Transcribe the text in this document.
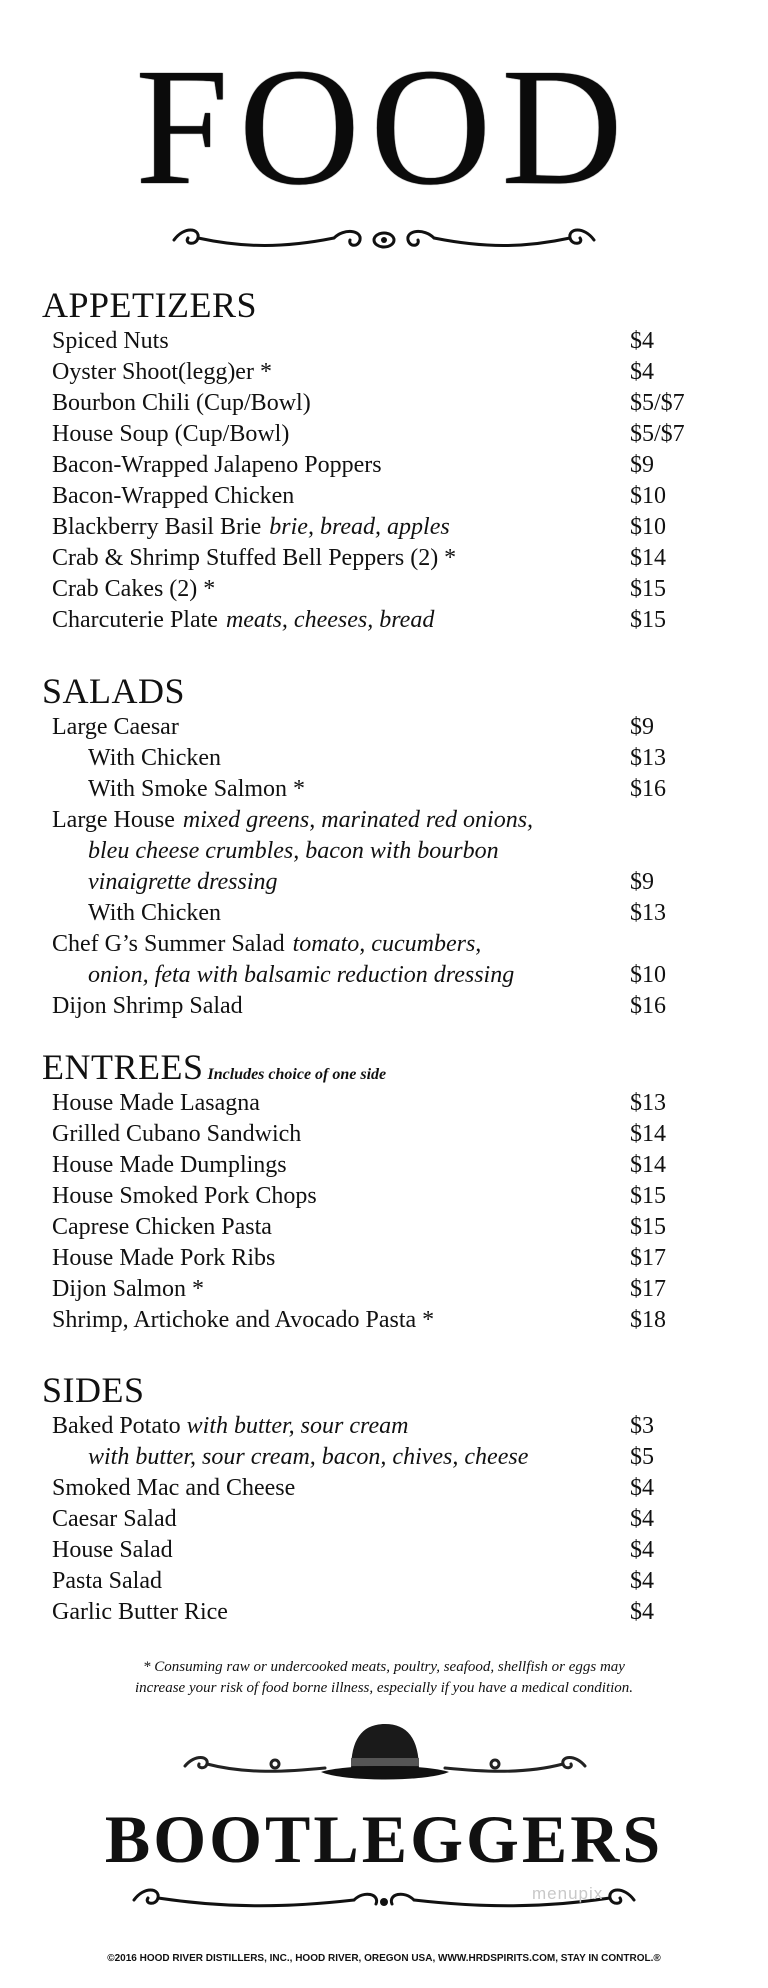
FOOD
APPETIZERS
Spiced Nuts	$4
Oyster Shoot(legg)er *	$4
Bourbon Chili (Cup/Bowl)	$5/$7
House Soup (Cup/Bowl)	$5/$7
Bacon-Wrapped Jalapeno Poppers	$9
Bacon-Wrapped Chicken	$10
Blackberry Basil Brie brie, bread, apples	$10
Crab & Shrimp Stuffed Bell Peppers (2) *	$14
Crab Cakes (2) *	$15
Charcuterie Plate meats, cheeses, bread	$15
SALADS
Large Caesar	$9
With Chicken	$13
With Smoke Salmon *	$16
Large House mixed greens, marinated red onions,
bleu cheese crumbles, bacon with bourbon
vinaigrette dressing	$9
With Chicken	$13
Chef G’s Summer Salad tomato, cucumbers,
onion, feta with balsamic reduction dressing	$10
Dijon Shrimp Salad	$16
ENTREES Includes choice of one side
House Made Lasagna	$13
Grilled Cubano Sandwich	$14
House Made Dumplings	$14
House Smoked Pork Chops	$15
Caprese Chicken Pasta	$15
House Made Pork Ribs	$17
Dijon Salmon *	$17
Shrimp, Artichoke and Avocado Pasta *	$18
SIDES
Baked Potato with butter, sour cream	$3
with butter, sour cream, bacon, chives, cheese	$5
Smoked Mac and Cheese	$4
Caesar Salad	$4
House Salad	$4
Pasta Salad	$4
Garlic Butter Rice	$4
* Consuming raw or undercooked meats, poultry, seafood, shellfish or eggs may
increase your risk of food borne illness, especially if you have a medical condition.
BOOTLEGGERS
menupix
©2016 HOOD RIVER DISTILLERS, INC., HOOD RIVER, OREGON USA, WWW.HRDSPIRITS.COM, STAY IN CONTROL.®
